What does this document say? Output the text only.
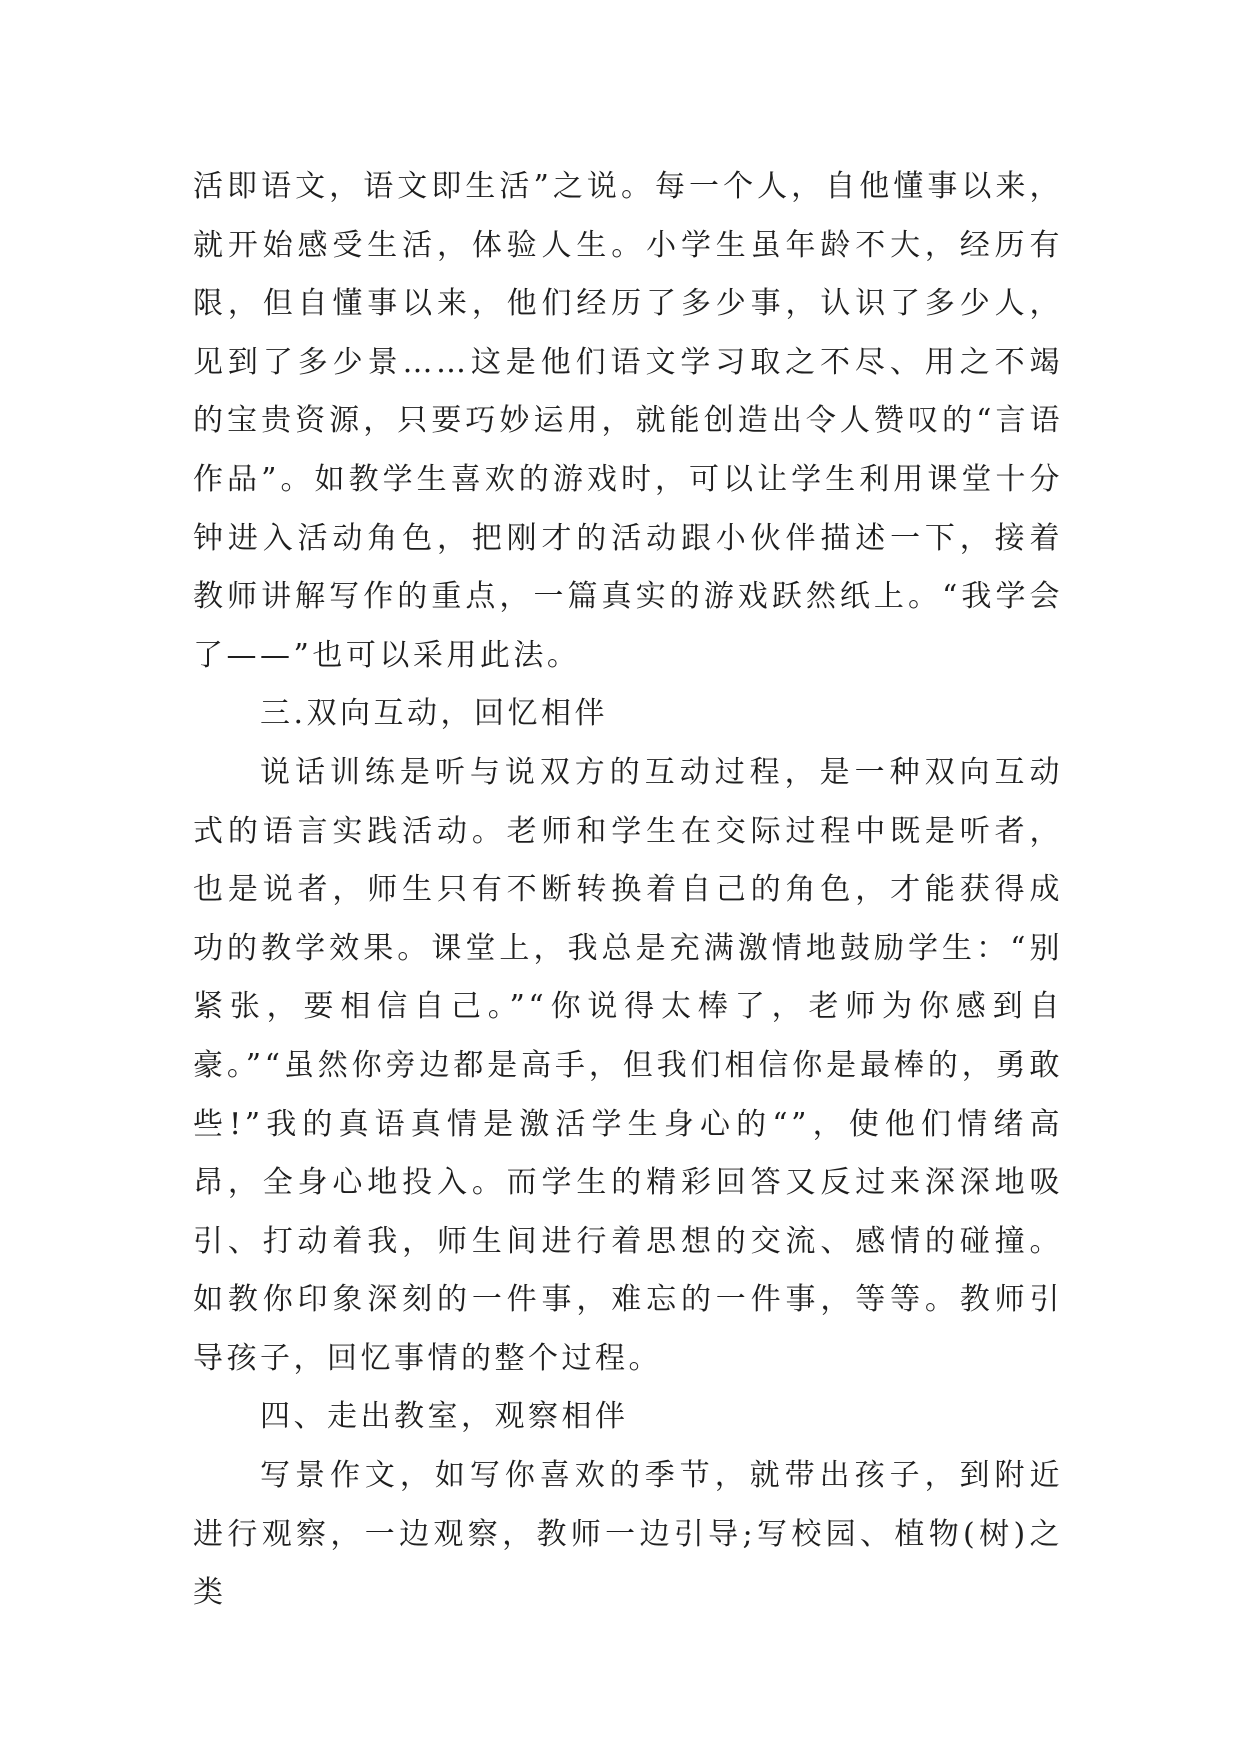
活即语文，语文即生活”之说。每一个人，自他懂事以来，就开始感受生活，体验人生。小学生虽年龄不大，经历有限，但自懂事以来，他们经历了多少事，认识了多少人，见到了多少景……这是他们语文学习取之不尽、用之不竭的宝贵资源，只要巧妙运用，就能创造出令人赞叹的“言语作品”。如教学生喜欢的游戏时，可以让学生利用课堂十分钟进入活动角色，把刚才的活动跟小伙伴描述一下，接着教师讲解写作的重点，一篇真实的游戏跃然纸上。“我学会了——”也可以采用此法。

三.双向互动，回忆相伴

说话训练是听与说双方的互动过程，是一种双向互动式的语言实践活动。老师和学生在交际过程中既是听者，也是说者，师生只有不断转换着自己的角色，才能获得成功的教学效果。课堂上，我总是充满激情地鼓励学生：“别紧张，要相信自己。”“你说得太棒了，老师为你感到自豪。”“虽然你旁边都是高手，但我们相信你是最棒的，勇敢些!”我的真语真情是激活学生身心的“”，使他们情绪高昂，全身心地投入。而学生的精彩回答又反过来深深地吸引、打动着我，师生间进行着思想的交流、感情的碰撞。如教你印象深刻的一件事，难忘的一件事，等等。教师引导孩子，回忆事情的整个过程。

四、走出教室，观察相伴

写景作文，如写你喜欢的季节，就带出孩子，到附近进行观察，一边观察，教师一边引导;写校园、植物(树)之类
